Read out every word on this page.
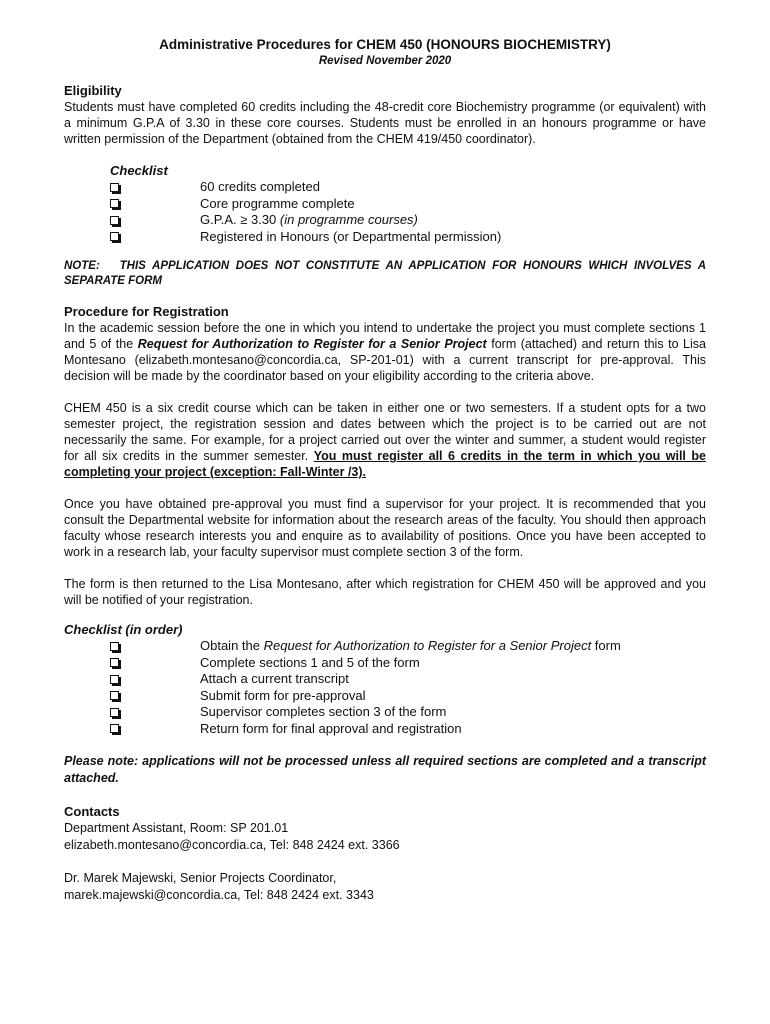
Administrative Procedures for CHEM 450 (HONOURS BIOCHEMISTRY)

Revised November 2020

Eligibility

Students must have completed 60 credits including the 48-credit core Biochemistry programme (or equivalent) with a minimum G.P.A of 3.30 in these core courses. Students must be enrolled in an honours programme or have written permission of the Department (obtained from the CHEM 419/450 coordinator).

Checklist

60 credits completed
Core programme complete
G.P.A. ≥ 3.30 (in programme courses)
Registered in Honours (or Departmental permission)

NOTE:   THIS APPLICATION DOES NOT CONSTITUTE AN APPLICATION FOR HONOURS WHICH INVOLVES A SEPARATE FORM

Procedure for Registration

In the academic session before the one in which you intend to undertake the project you must complete sections 1 and 5 of the Request for Authorization to Register for a Senior Project form (attached) and return this to Lisa Montesano (elizabeth.montesano@concordia.ca, SP-201-01) with a current transcript for pre-approval. This decision will be made by the coordinator based on your eligibility according to the criteria above.

CHEM 450 is a six credit course which can be taken in either one or two semesters. If a student opts for a two semester project, the registration session and dates between which the project is to be carried out are not necessarily the same. For example, for a project carried out over the winter and summer, a student would register for all six credits in the summer semester. You must register all 6 credits in the term in which you will be completing your project (exception: Fall-Winter /3).

Once you have obtained pre-approval you must find a supervisor for your project. It is recommended that you consult the Departmental website for information about the research areas of the faculty. You should then approach faculty whose research interests you and enquire as to availability of positions. Once you have been accepted to work in a research lab, your faculty supervisor must complete section 3 of the form.

The form is then returned to the Lisa Montesano, after which registration for CHEM 450 will be approved and you will be notified of your registration.

Checklist (in order)

Obtain the Request for Authorization to Register for a Senior Project form
Complete sections 1 and 5 of the form
Attach a current transcript
Submit form for pre-approval
Supervisor completes section 3 of the form
Return form for final approval and registration

Please note: applications will not be processed unless all required sections are completed and a transcript attached.

Contacts

Department Assistant, Room: SP 201.01

elizabeth.montesano@concordia.ca, Tel: 848 2424 ext. 3366

Dr. Marek Majewski, Senior Projects Coordinator,

marek.majewski@concordia.ca, Tel: 848 2424 ext. 3343
